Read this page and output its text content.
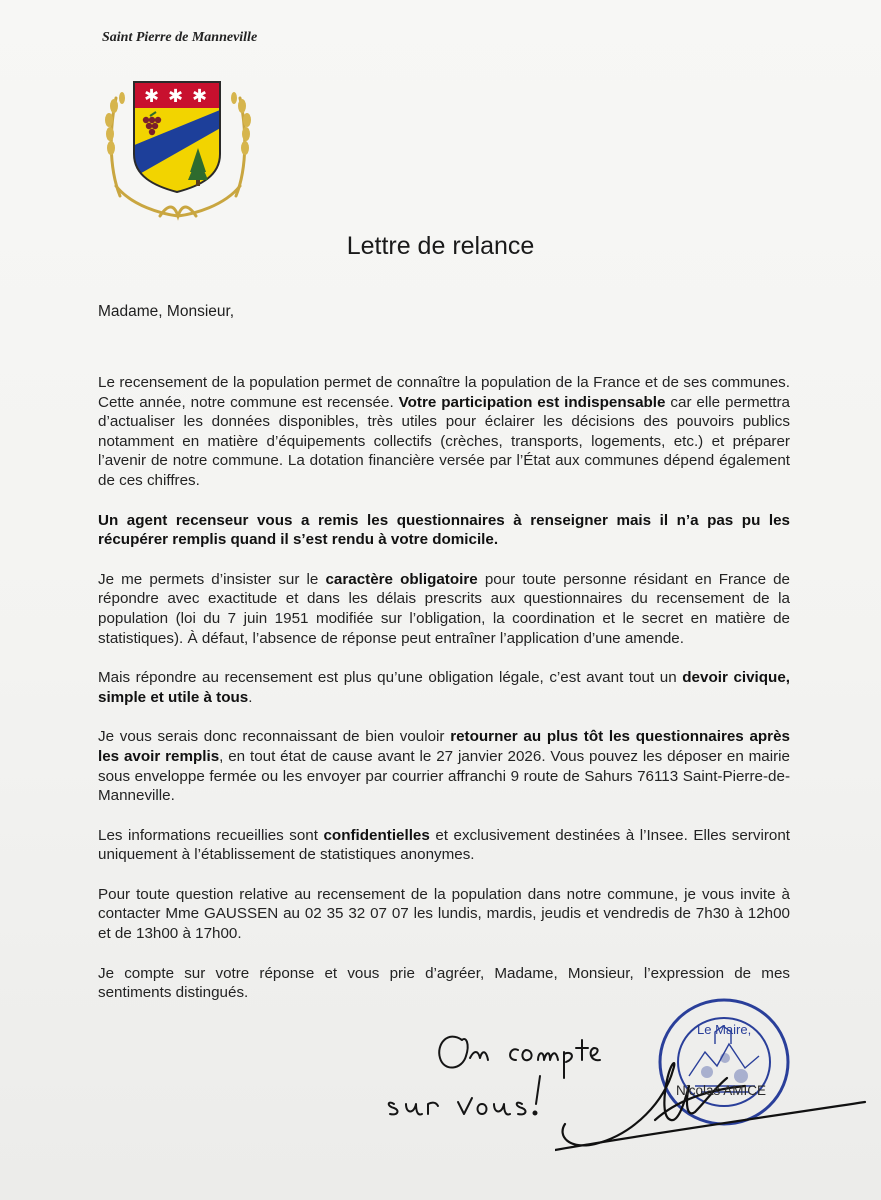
Saint Pierre de Manneville
✱ ✱ ✱
Lettre de relance
Madame, Monsieur,

Le recensement de la population permet de connaître la population de la France et de ses communes. Cette année, notre commune est recensée. Votre participation est indispensable car elle permettra d’actualiser les données disponibles, très utiles pour éclairer les décisions des pouvoirs publics notamment en matière d’équipements collectifs (crèches, transports, logements, etc.) et préparer l’avenir de notre commune. La dotation financière versée par l’État aux communes dépend également de ces chiffres.

Un agent recenseur vous a remis les questionnaires à renseigner mais il n’a pas pu les récupérer remplis quand il s’est rendu à votre domicile.

Je me permets d’insister sur le caractère obligatoire pour toute personne résidant en France de répondre avec exactitude et dans les délais prescrits aux questionnaires du recensement de la population (loi du 7 juin 1951 modifiée sur l’obligation, la coordination et le secret en matière de statistiques). À défaut, l’absence de réponse peut entraîner l’application d’une amende.

Mais répondre au recensement est plus qu’une obligation légale, c’est avant tout un devoir civique, simple et utile à tous.

Je vous serais donc reconnaissant de bien vouloir retourner au plus tôt les questionnaires après les avoir remplis, en tout état de cause avant le 27 janvier 2026. Vous pouvez les déposer en mairie sous enveloppe fermée ou les envoyer par courrier affranchi 9 route de Sahurs 76113 Saint-Pierre-de-Manneville.

Les informations recueillies sont confidentielles et exclusivement destinées à l’Insee. Elles serviront uniquement à l’établissement de statistiques anonymes.

Pour toute question relative au recensement de la population dans notre commune, je vous invite à contacter Mme GAUSSEN au 02 35 32 07 07 les lundis, mardis, jeudis et vendredis de 7h30 à 12h00 et de 13h00 à 17h00.

Je compte sur votre réponse et vous prie d’agréer, Madame, Monsieur, l’expression de mes sentiments distingués.

Le Maire,
Nicolas AMICE
